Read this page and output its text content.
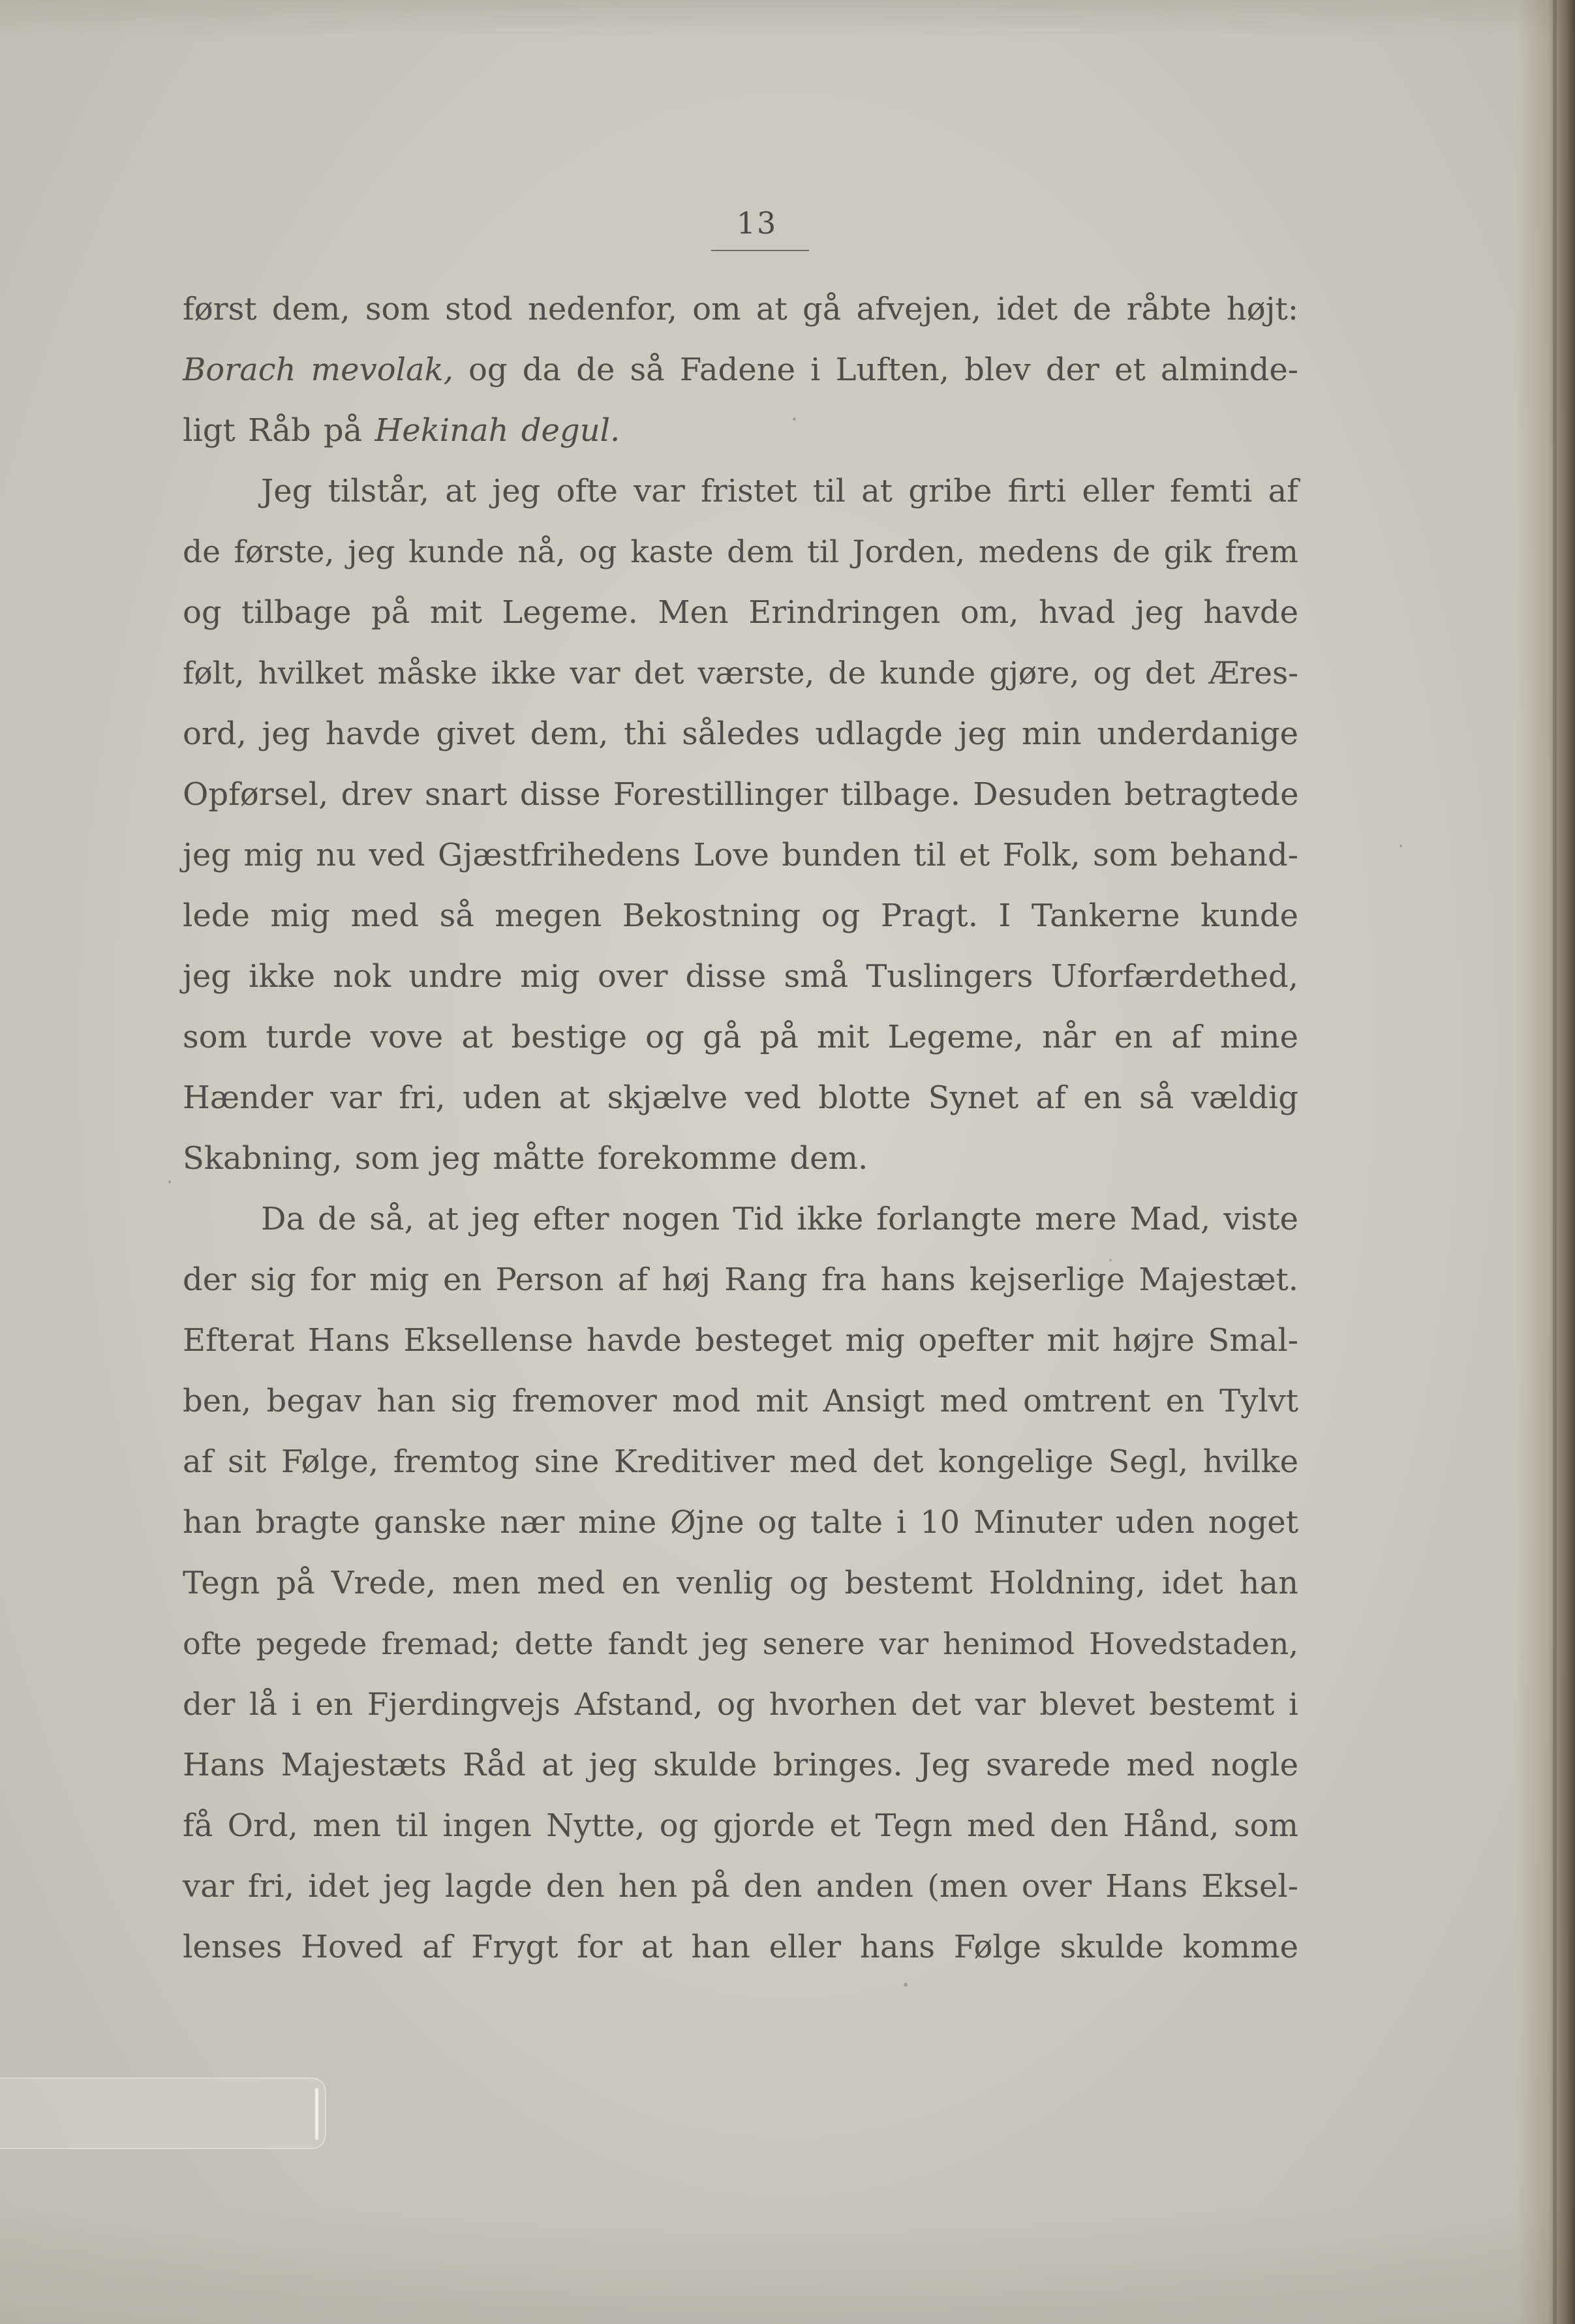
13
først dem, som stod nedenfor, om at gå afvejen, idet de råbte højt:
Borach mevolak, og da de så Fadene i Luften, blev der et alminde-
ligt Råb på Hekinah degul.
Jeg tilstår, at jeg ofte var fristet til at gribe firti eller femti af
de første, jeg kunde nå, og kaste dem til Jorden, medens de gik frem
og tilbage på mit Legeme. Men Erindringen om, hvad jeg havde
følt, hvilket måske ikke var det værste, de kunde gjøre, og det Æres-
ord, jeg havde givet dem, thi således udlagde jeg min underdanige
Opførsel, drev snart disse Forestillinger tilbage. Desuden betragtede
jeg mig nu ved Gjæstfrihedens Love bunden til et Folk, som behand-
lede mig med så megen Bekostning og Pragt. I Tankerne kunde
jeg ikke nok undre mig over disse små Tuslingers Uforfærdethed,
som turde vove at bestige og gå på mit Legeme, når en af mine
Hænder var fri, uden at skjælve ved blotte Synet af en så vældig
Skabning, som jeg måtte forekomme dem.
Da de så, at jeg efter nogen Tid ikke forlangte mere Mad, viste
der sig for mig en Person af høj Rang fra hans kejserlige Majestæt.
Efterat Hans Eksellense havde besteget mig opefter mit højre Smal-
ben, begav han sig fremover mod mit Ansigt med omtrent en Tylvt
af sit Følge, fremtog sine Kreditiver med det kongelige Segl, hvilke
han bragte ganske nær mine Øjne og talte i 10 Minuter uden noget
Tegn på Vrede, men med en venlig og bestemt Holdning, idet han
ofte pegede fremad; dette fandt jeg senere var henimod Hovedstaden,
der lå i en Fjerdingvejs Afstand, og hvorhen det var blevet bestemt i
Hans Majestæts Råd at jeg skulde bringes. Jeg svarede med nogle
få Ord, men til ingen Nytte, og gjorde et Tegn med den Hånd, som
var fri, idet jeg lagde den hen på den anden (men over Hans Eksel-
lenses Hoved af Frygt for at han eller hans Følge skulde komme
